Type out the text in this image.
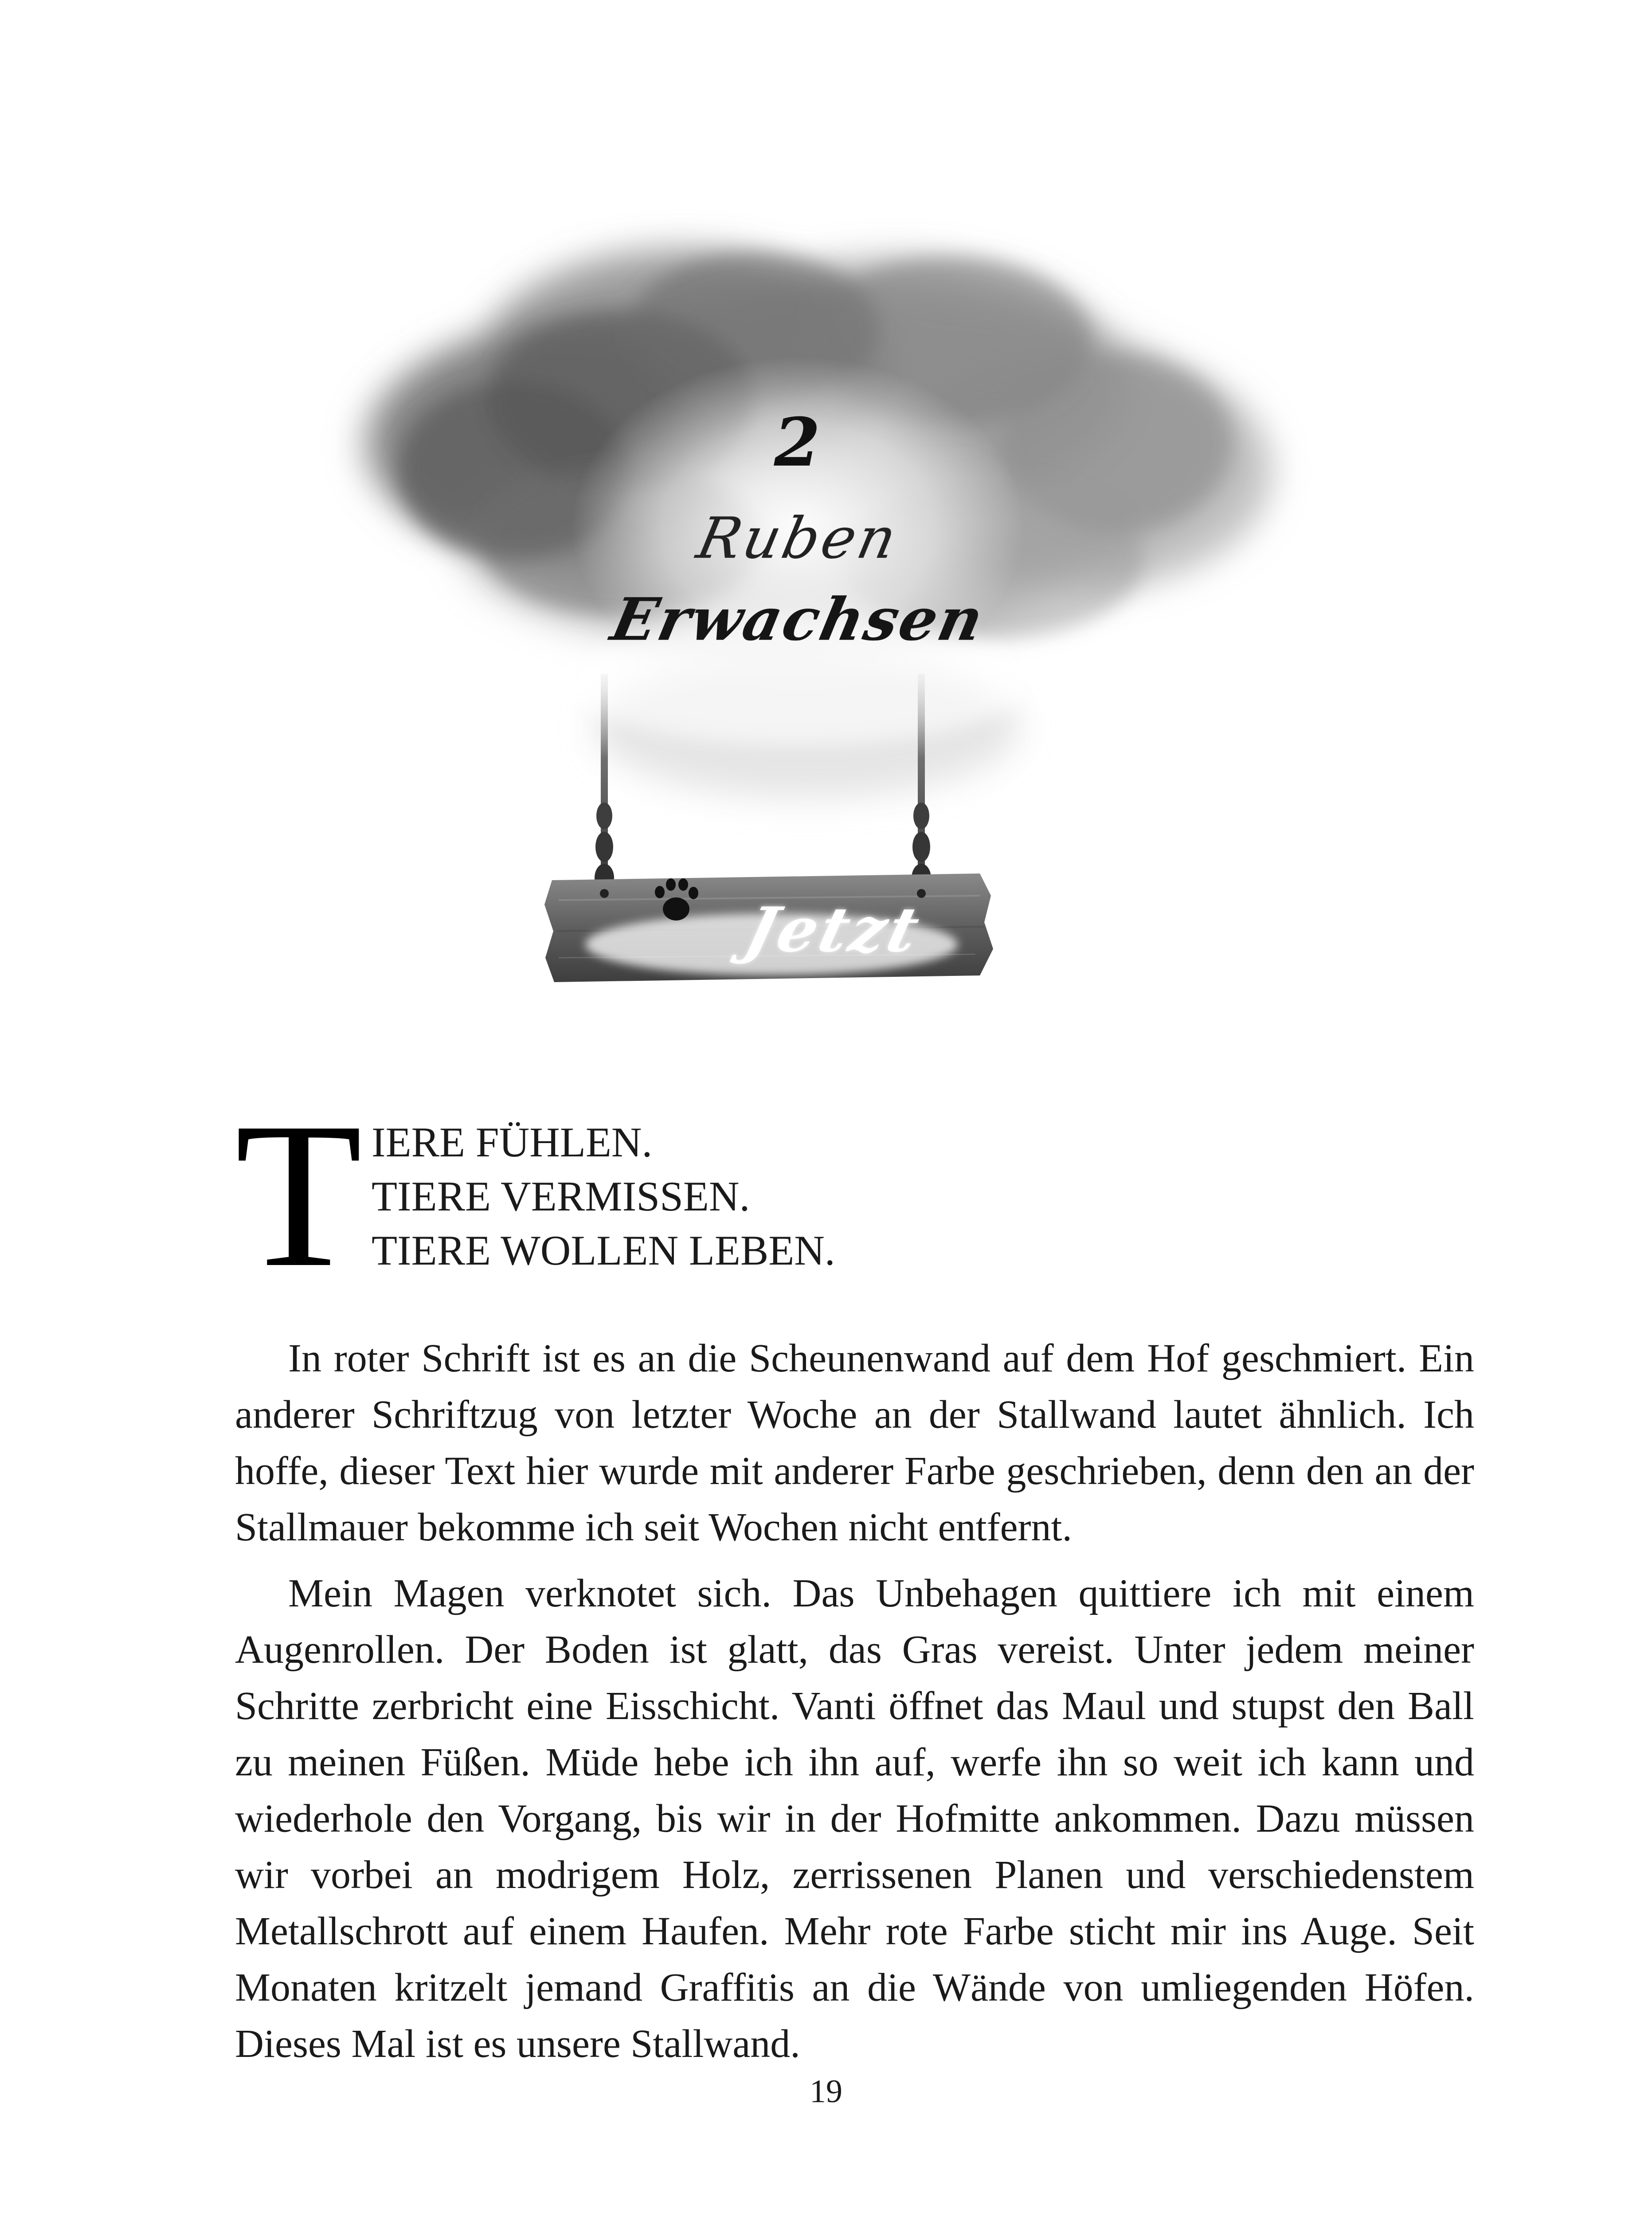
2
Ruben
Erwachsen
Jetzt
T IERE FÜHLEN.
TIERE VERMISSEN.
TIERE WOLLEN LEBEN.

In roter Schrift ist es an die Scheunenwand auf dem Hof geschmiert. Ein anderer Schriftzug von letzter Woche an der Stallwand lautet ähnlich. Ich hoffe, dieser Text hier wurde mit anderer Farbe geschrieben, denn den an der Stallmauer bekomme ich seit Wochen nicht entfernt.

Mein Magen verknotet sich. Das Unbehagen quittiere ich mit einem Augenrollen. Der Boden ist glatt, das Gras vereist. Unter jedem meiner Schritte zerbricht eine Eisschicht. Vanti öffnet das Maul und stupst den Ball zu meinen Füßen. Müde hebe ich ihn auf, werfe ihn so weit ich kann und wiederhole den Vorgang, bis wir in der Hofmitte ankommen. Dazu müssen wir vorbei an modrigem Holz, zerrissenen Planen und verschiedenstem Metallschrott auf einem Haufen. Mehr rote Farbe sticht mir ins Auge. Seit Monaten kritzelt jemand Graffitis an die Wände von umliegenden Höfen. Dieses Mal ist es unsere Stallwand.

19
